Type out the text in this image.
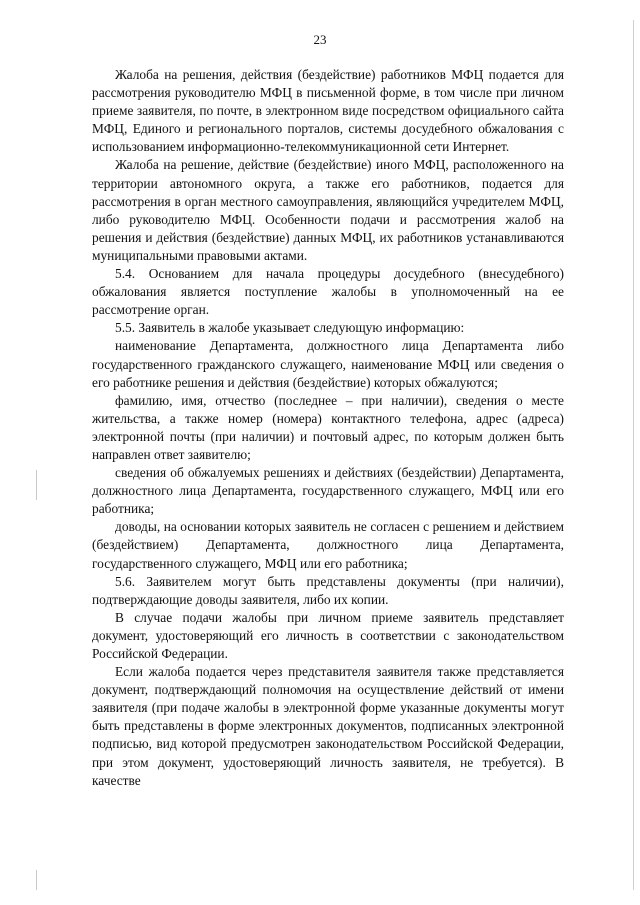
23

Жалоба на решения, действия (бездействие) работников МФЦ подается для рассмотрения руководителю МФЦ в письменной форме, в том числе при личном приеме заявителя, по почте, в электронном виде посредством официального сайта МФЦ, Единого и регионального порталов, системы досудебного обжалования с использованием информационно-телекоммуникационной сети Интернет.

Жалоба на решение, действие (бездействие) иного МФЦ, расположенного на территории автономного округа, а также его работников, подается для рассмотрения в орган местного самоуправления, являющийся учредителем МФЦ, либо руководителю МФЦ. Особенности подачи и рассмотрения жалоб на решения и действия (бездействие) данных МФЦ, их работников устанавливаются муниципальными правовыми актами.

5.4. Основанием для начала процедуры досудебного (внесудебного) обжалования является поступление жалобы в уполномоченный на ее рассмотрение орган.

5.5. Заявитель в жалобе указывает следующую информацию:

наименование Департамента, должностного лица Департамента либо государственного гражданского служащего, наименование МФЦ или сведения о его работнике решения и действия (бездействие) которых обжалуются;

фамилию, имя, отчество (последнее – при наличии), сведения о месте жительства, а также номер (номера) контактного телефона, адрес (адреса) электронной почты (при наличии) и почтовый адрес, по которым должен быть направлен ответ заявителю;

сведения об обжалуемых решениях и действиях (бездействии) Департамента, должностного лица Департамента, государственного служащего, МФЦ или его работника;

доводы, на основании которых заявитель не согласен с решением и действием (бездействием) Департамента, должностного лица Департамента, государственного служащего, МФЦ или его работника;

5.6. Заявителем могут быть представлены документы (при наличии), подтверждающие доводы заявителя, либо их копии.

В случае подачи жалобы при личном приеме заявитель представляет документ, удостоверяющий его личность в соответствии с законодательством Российской Федерации.

Если жалоба подается через представителя заявителя также представляется документ, подтверждающий полномочия на осуществление действий от имени заявителя (при подаче жалобы в электронной форме указанные документы могут быть представлены в форме электронных документов, подписанных электронной подписью, вид которой предусмотрен законодательством Российской Федерации, при этом документ, удостоверяющий личность заявителя, не требуется). В качестве
